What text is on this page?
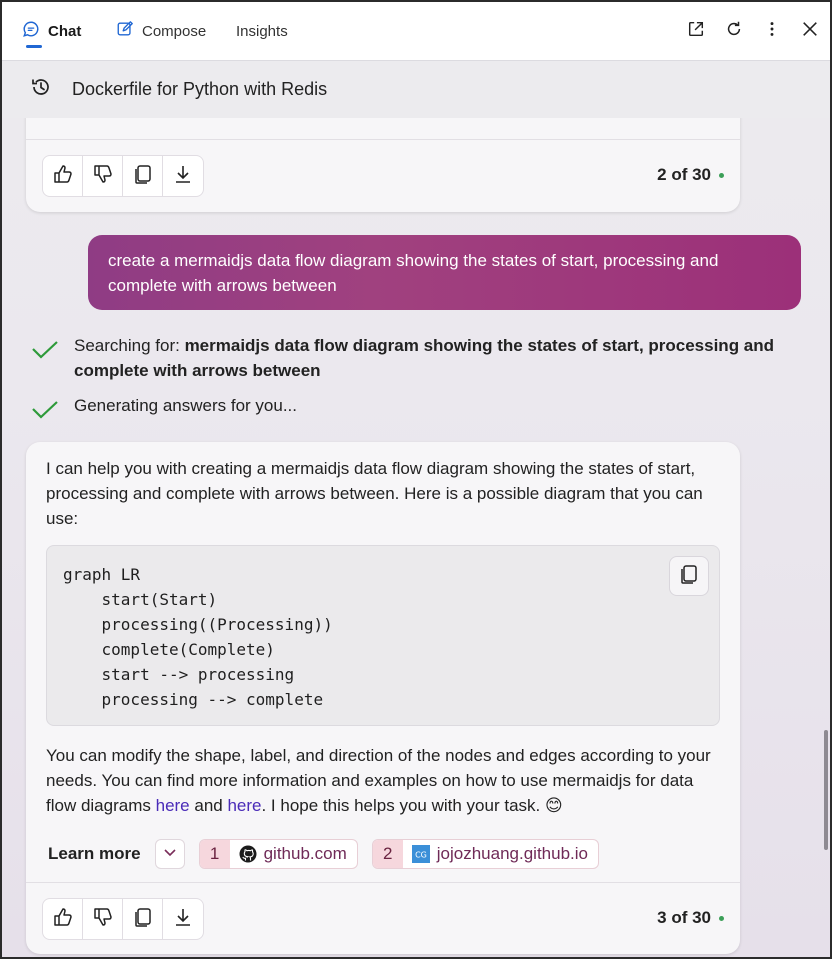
Chat	Compose Insights
Dockerfile for Python with Redis
2 of 30
create a mermaidjs data flow diagram showing the states of start, processing and complete with arrows between
Searching for: mermaidjs data flow diagram showing the states of start, processing and complete with arrows between
Generating answers for you...
I can help you with creating a mermaidjs data flow diagram showing the states of start, processing and complete with arrows between. Here is a possible diagram that you can use:
graph LR
start(Start)
processing((Processing))
complete(Complete)
start --> processing
processing --> complete
You can modify the shape, label, and direction of the nodes and edges according to your needs. You can find more information and examples on how to use mermaidjs for data flow diagrams here and here. I hope this helps you with your task. 😊
Learn more	1	github.com	2	CG jojozhuang.github.io
3 of 30
